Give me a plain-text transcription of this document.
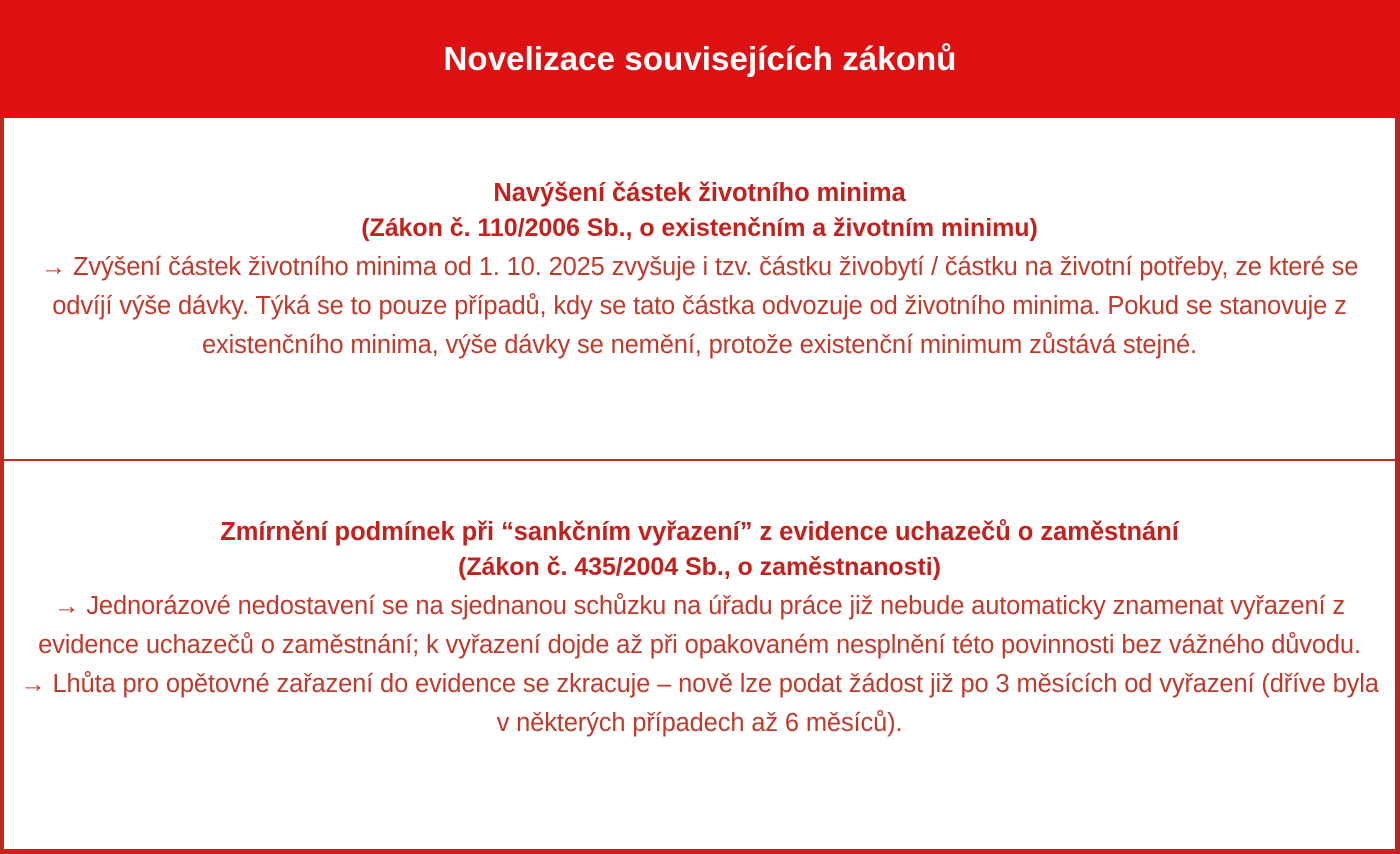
Novelizace souvisejících zákonů
Navýšení částek životního minima
(Zákon č. 110/2006 Sb., o existenčním a životním minimu)
→ Zvýšení částek životního minima od 1. 10. 2025 zvyšuje i tzv. částku živobytí / částku na životní potřeby, ze které se odvíjí výše dávky. Týká se to pouze případů, kdy se tato částka odvozuje od životního minima. Pokud se stanovuje z existenčního minima, výše dávky se nemění, protože existenční minimum zůstává stejné.
Zmírnění podmínek při “sankčním vyřazení” z evidence uchazečů o zaměstnání
(Zákon č. 435/2004 Sb., o zaměstnanosti)
→ Jednorázové nedostavení se na sjednanou schůzku na úřadu práce již nebude automaticky znamenat vyřazení z evidence uchazečů o zaměstnání; k vyřazení dojde až při opakovaném nesplnění této povinnosti bez vážného důvodu.
→ Lhůta pro opětovné zařazení do evidence se zkracuje – nově lze podat žádost již po 3 měsících od vyřazení (dříve byla v některých případech až 6 měsíců).
